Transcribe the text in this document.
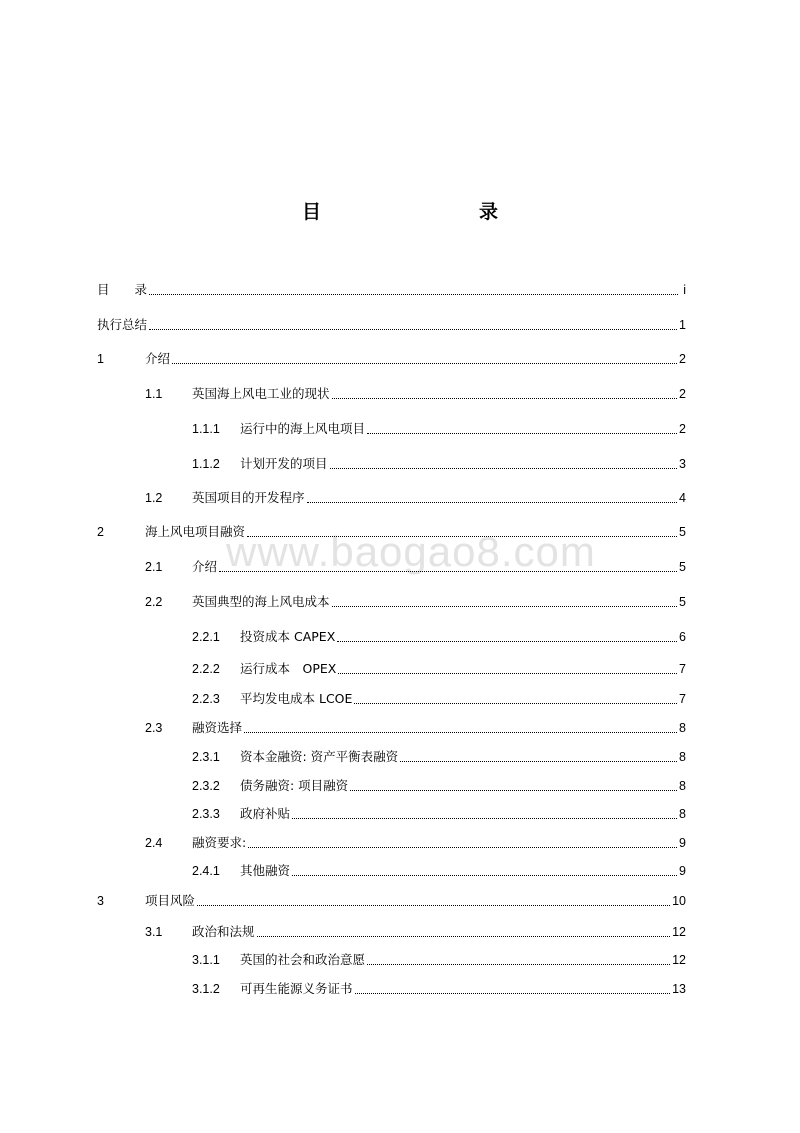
目　　录
www.baogao8.com
目　　录	i
执行总结	1
1	介绍	2
1.1 英国海上风电工业的现状	2
1.1.1 运行中的海上风电项目	2
1.1.2 计划开发的项目	3
1.2 英国项目的开发程序	4
2	海上风电项目融资	5
2.1 介绍	5
2.2 英国典型的海上风电成本	5
2.2.1 投资成本 CAPEX	6
2.2.2 运行成本　OPEX	7
2.2.3 平均发电成本 LCOE	7
2.3 融资选择	8
2.3.1 资本金融资: 资产平衡表融资	8
2.3.2 债务融资: 项目融资	8
2.3.3 政府补贴	8
2.4 融资要求:	9
2.4.1 其他融资	9
3	项目风险	10
3.1 政治和法规	12
3.1.1 英国的社会和政治意愿	12
3.1.2 可再生能源义务证书	13
